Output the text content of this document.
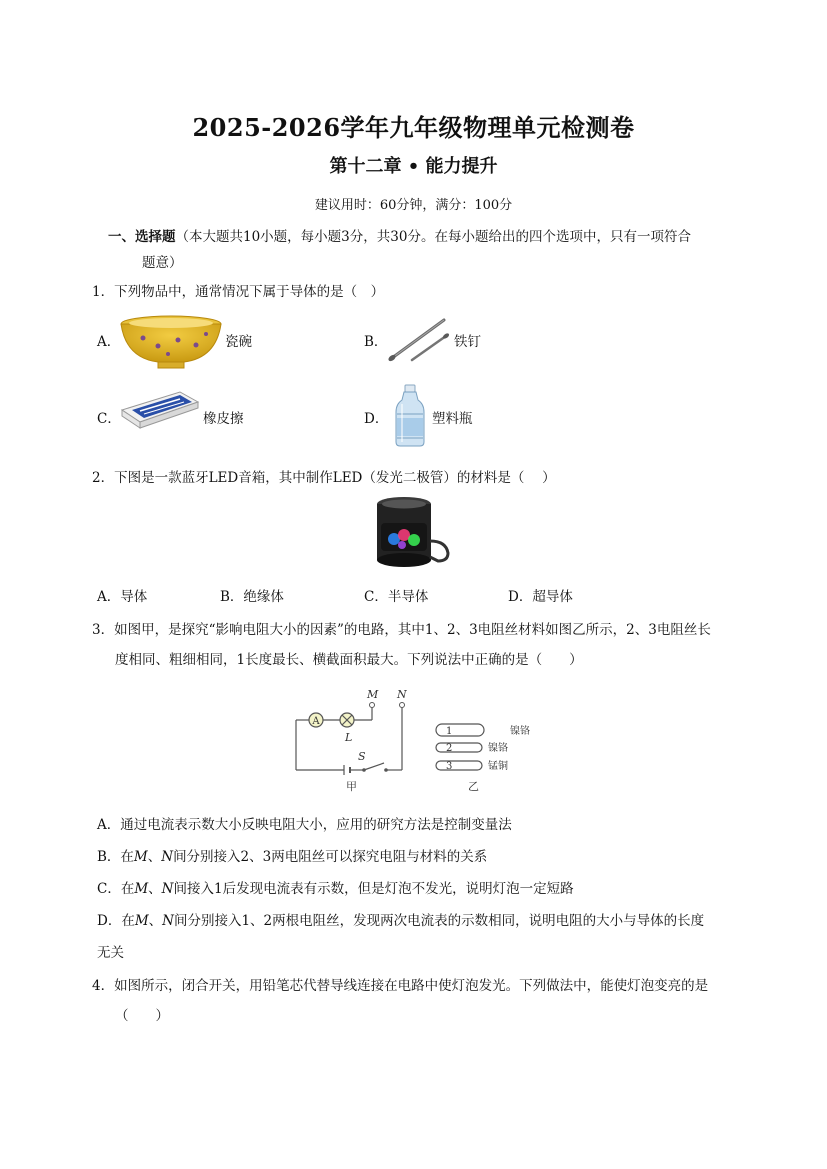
2025-2026学年九年级物理单元检测卷
第十二章 • 能力提升
建议用时：60分钟，满分：100分
一、选择题（本大题共10小题，每小题3分，共30分。在每小题给出的四个选项中，只有一项符合
题意）
1．下列物品中，通常情况下属于导体的是（　）
A．	瓷碗	B．	铁钉
C．	橡皮擦	D．	塑料瓶
2．下图是一款蓝牙LED音箱，其中制作LED（发光二极管）的材料是（　 ）
A．导体	B．绝缘体	C．半导体	D．超导体
3．如图甲，是探究“影响电阻大小的因素”的电路，其中1、2、3电阻丝材料如图乙所示，2、3电阻丝长
度相同、粗细相同，1长度最长、横截面积最大。下列说法中正确的是（　　）
A
L
M N
S
甲
1	镍铬
2	镍铬
3	锰铜
乙
A．通过电流表示数大小反映电阻大小，应用的研究方法是控制变量法
B．在M、N间分别接入2、3两电阻丝可以探究电阻与材料的关系
C．在M、N间接入1后发现电流表有示数，但是灯泡不发光，说明灯泡一定短路
D．在M、N间分别接入1、2两根电阻丝，发现两次电流表的示数相同，说明电阻的大小与导体的长度
无关
4．如图所示，闭合开关，用铅笔芯代替导线连接在电路中使灯泡发光。下列做法中，能使灯泡变亮的是
（　　）
